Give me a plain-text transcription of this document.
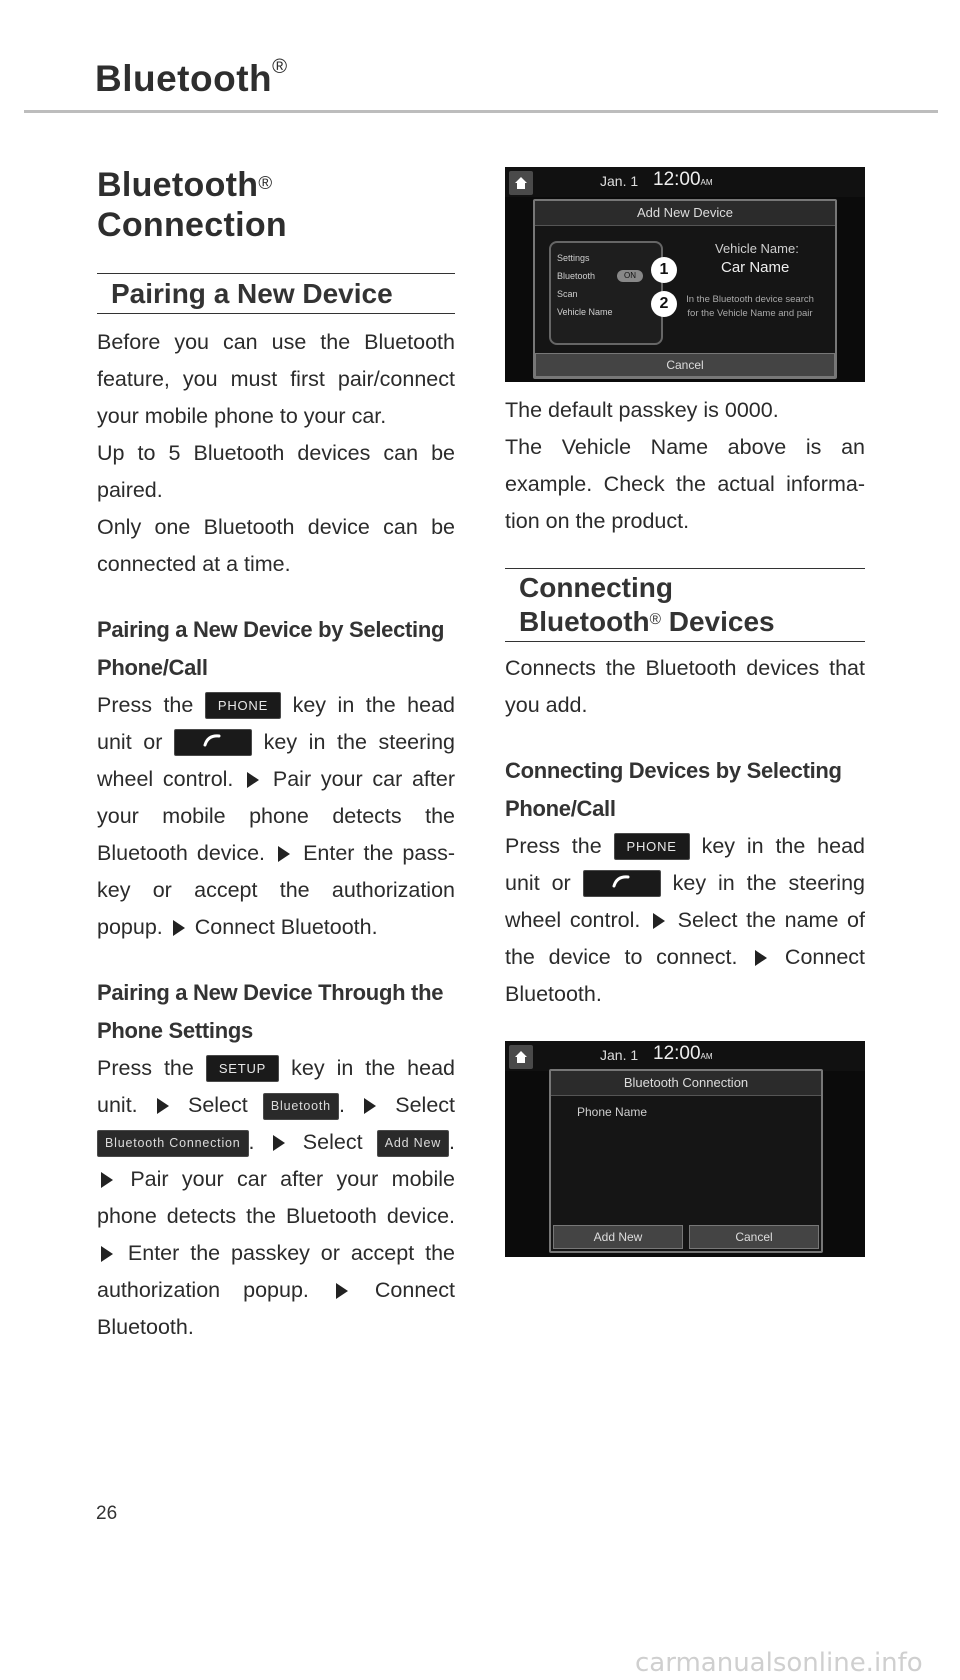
Bluetooth®
Bluetooth®
Connection
Pairing a New Device

Before you can use the Bluetooth feature, you must first pair/connect your mobile phone to your car.

Up to 5 Bluetooth devices can be paired.

Only one Bluetooth device can be connected at a time.

Pairing a New Device by Selecting Phone/Call

Press the PHONE key in the head unit or	key in the steering wheel control.  Pair your car after your mobile phone detects the Bluetooth device.  Enter the pass-key or accept the authorization popup.  Connect Bluetooth.

Pairing a New Device Through the Phone Settings

Press the SETUP key in the head unit.  Select Bluetooth .  Select Bluetooth Connection .  Select Add New .  Pair your car after your mobile phone detects the Bluetooth device.  Enter the passkey or accept the authorization popup.  Connect Bluetooth.

Jan. 1 12:00AM
Add New Device
Settings
Bluetooth	ON
Scan
Vehicle Name
1
2
Vehicle Name:
Car Name
In the Bluetooth device search for the Vehicle Name and pair
Cancel

The default passkey is 0000.

The Vehicle Name above is an example. Check the actual informa-tion on the product.

Connecting
Bluetooth® Devices

Connects the Bluetooth devices that you add.

Connecting Devices by Selecting Phone/Call

Press the PHONE key in the head unit or	key in the steering wheel control.  Select the name of the device to connect.  Connect Bluetooth.

Jan. 1 12:00AM
Bluetooth Connection
Phone Name
Add New	Cancel
26
carmanualsonline.info
